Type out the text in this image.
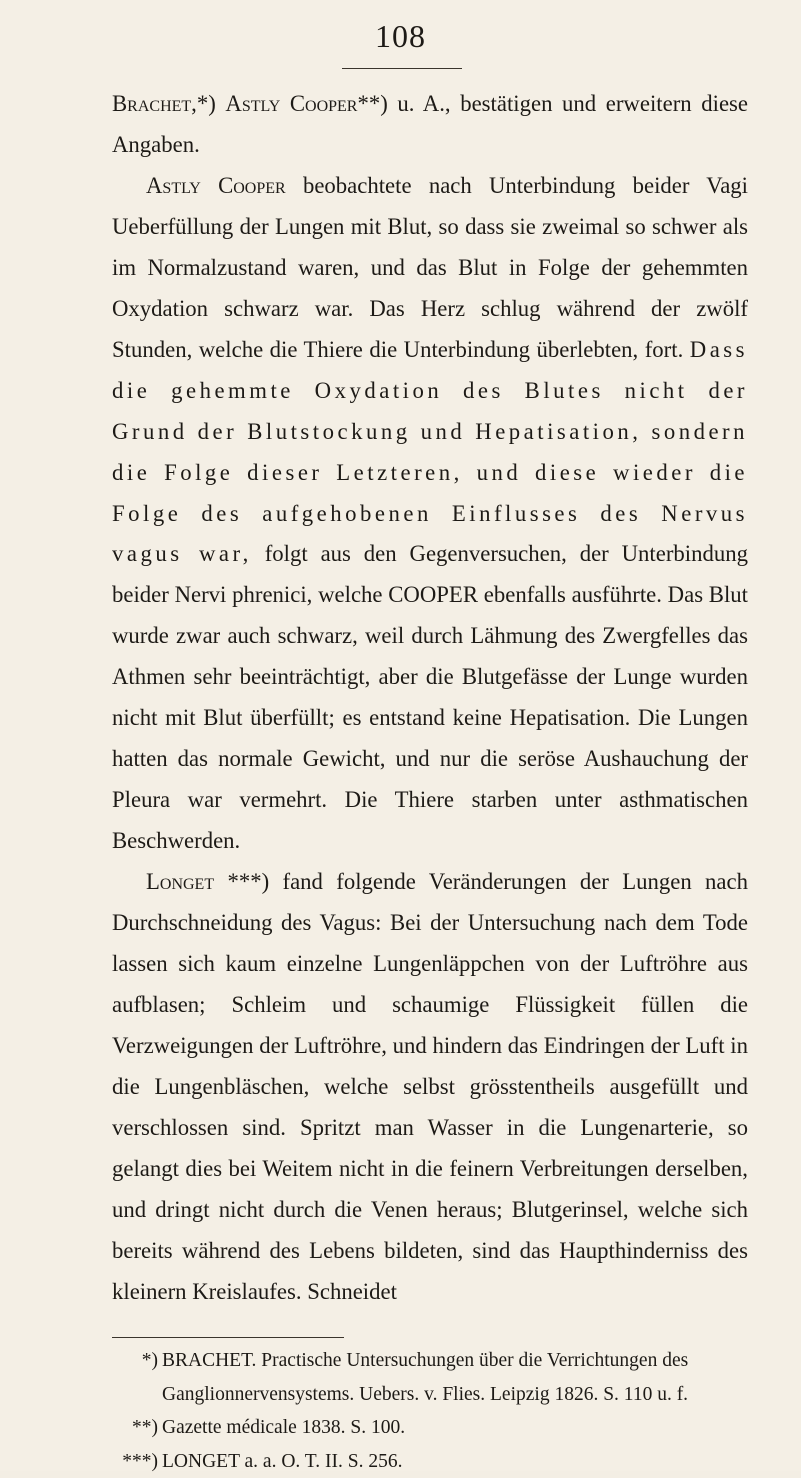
108

Brachet,*) Astly Cooper**) u. A., bestätigen und erweitern diese Angaben.

Astly Cooper beobachtete nach Unterbindung beider Vagi Ueberfüllung der Lungen mit Blut, so dass sie zweimal so schwer als im Normalzustand waren, und das Blut in Folge der gehemmten Oxydation schwarz war. Das Herz schlug während der zwölf Stunden, welche die Thiere die Unterbindung überlebten, fort. Dass die gehemmte Oxydation des Blutes nicht der Grund der Blutstockung und Hepatisation, sondern die Folge dieser Letzteren, und diese wieder die Folge des aufgehobenen Einflusses des Nervus vagus war, folgt aus den Gegenversuchen, der Unterbindung beider Nervi phrenici, welche COOPER ebenfalls ausführte. Das Blut wurde zwar auch schwarz, weil durch Lähmung des Zwergfelles das Athmen sehr beeinträchtigt, aber die Blutgefässe der Lunge wurden nicht mit Blut überfüllt; es entstand keine Hepatisation. Die Lungen hatten das normale Gewicht, und nur die seröse Aushauchung der Pleura war vermehrt. Die Thiere starben unter asthmatischen Beschwerden.

Longet ***) fand folgende Veränderungen der Lungen nach Durchschneidung des Vagus: Bei der Untersuchung nach dem Tode lassen sich kaum einzelne Lungenläppchen von der Luftröhre aus aufblasen; Schleim und schaumige Flüssigkeit füllen die Verzweigungen der Luftröhre, und hindern das Eindringen der Luft in die Lungenbläschen, welche selbst grösstentheils ausgefüllt und verschlossen sind. Spritzt man Wasser in die Lungenarterie, so gelangt dies bei Weitem nicht in die feinern Verbreitungen derselben, und dringt nicht durch die Venen heraus; Blutgerinsel, welche sich bereits während des Lebens bildeten, sind das Haupthinderniss des kleinern Kreislaufes. Schneidet

*) BRACHET. Practische Untersuchungen über die Verrichtungen des Ganglionnervensystems. Uebers. v. Flies. Leipzig 1826. S. 110 u. f.
**) Gazette médicale 1838. S. 100.
***) LONGET a. a. O. T. II. S. 256.
